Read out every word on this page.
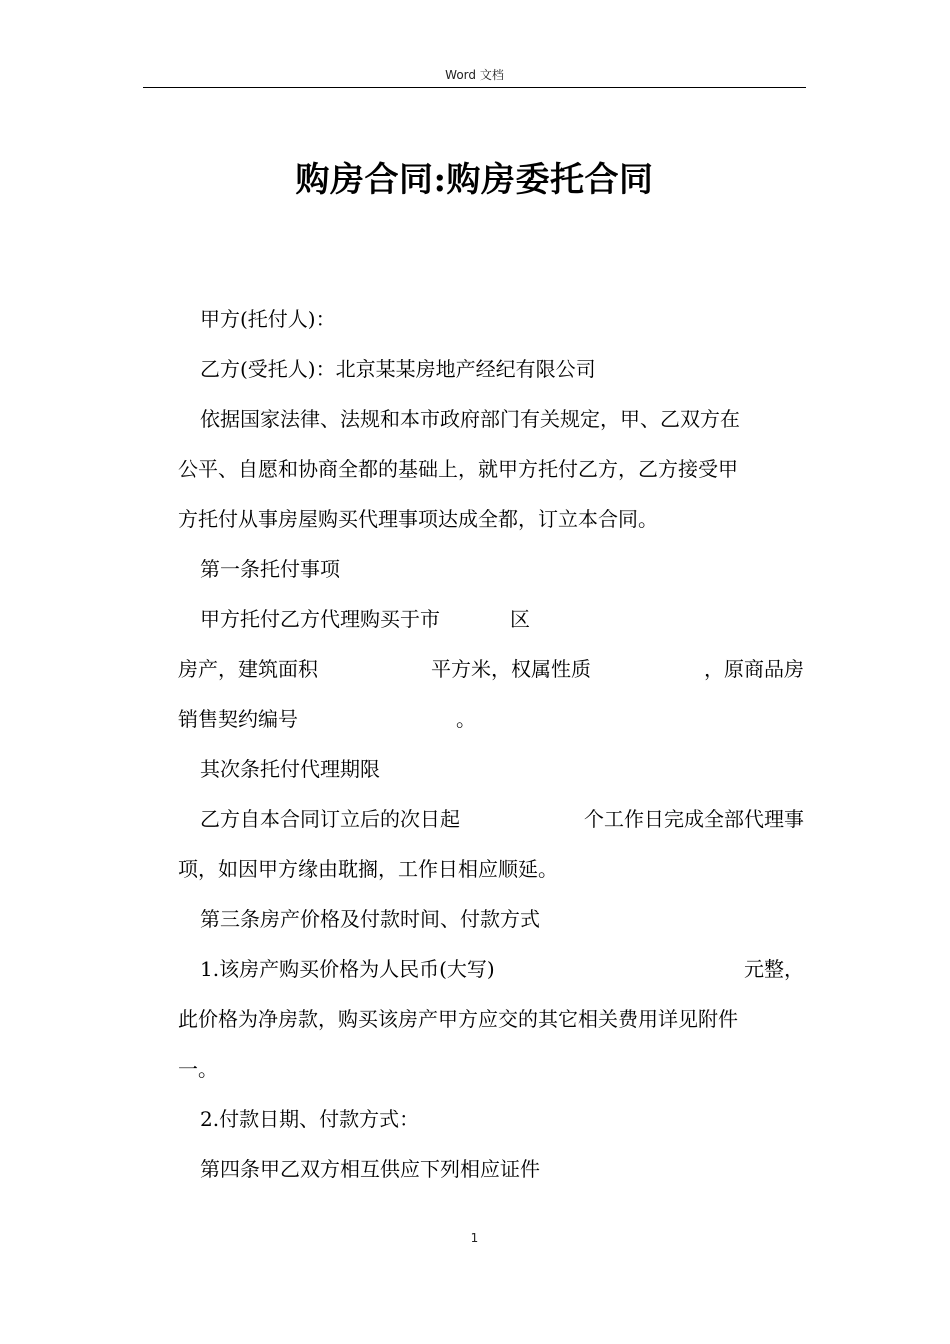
Word 文档
购房合同:购房委托合同

甲方(托付人)：

乙方(受托人)：北京某某房地产经纪有限公司

依据国家法律、法规和本市政府部门有关规定，甲、乙双方在

公平、自愿和协商全都的基础上，就甲方托付乙方，乙方接受甲

方托付从事房屋购买代理事项达成全都，订立本合同。

第一条托付事项

甲方托付乙方代理购买于市	区

房产，建筑面积	平方米，权属性质	，原商品房

销售契约编号	。

其次条托付代理期限

乙方自本合同订立后的次日起	个工作日完成全部代理事

项，如因甲方缘由耽搁，工作日相应顺延。

第三条房产价格及付款时间、付款方式

1.该房产购买价格为人民币(大写)	元整，

此价格为净房款，购买该房产甲方应交的其它相关费用详见附件

一。

2.付款日期、付款方式：

第四条甲乙双方相互供应下列相应证件

1
